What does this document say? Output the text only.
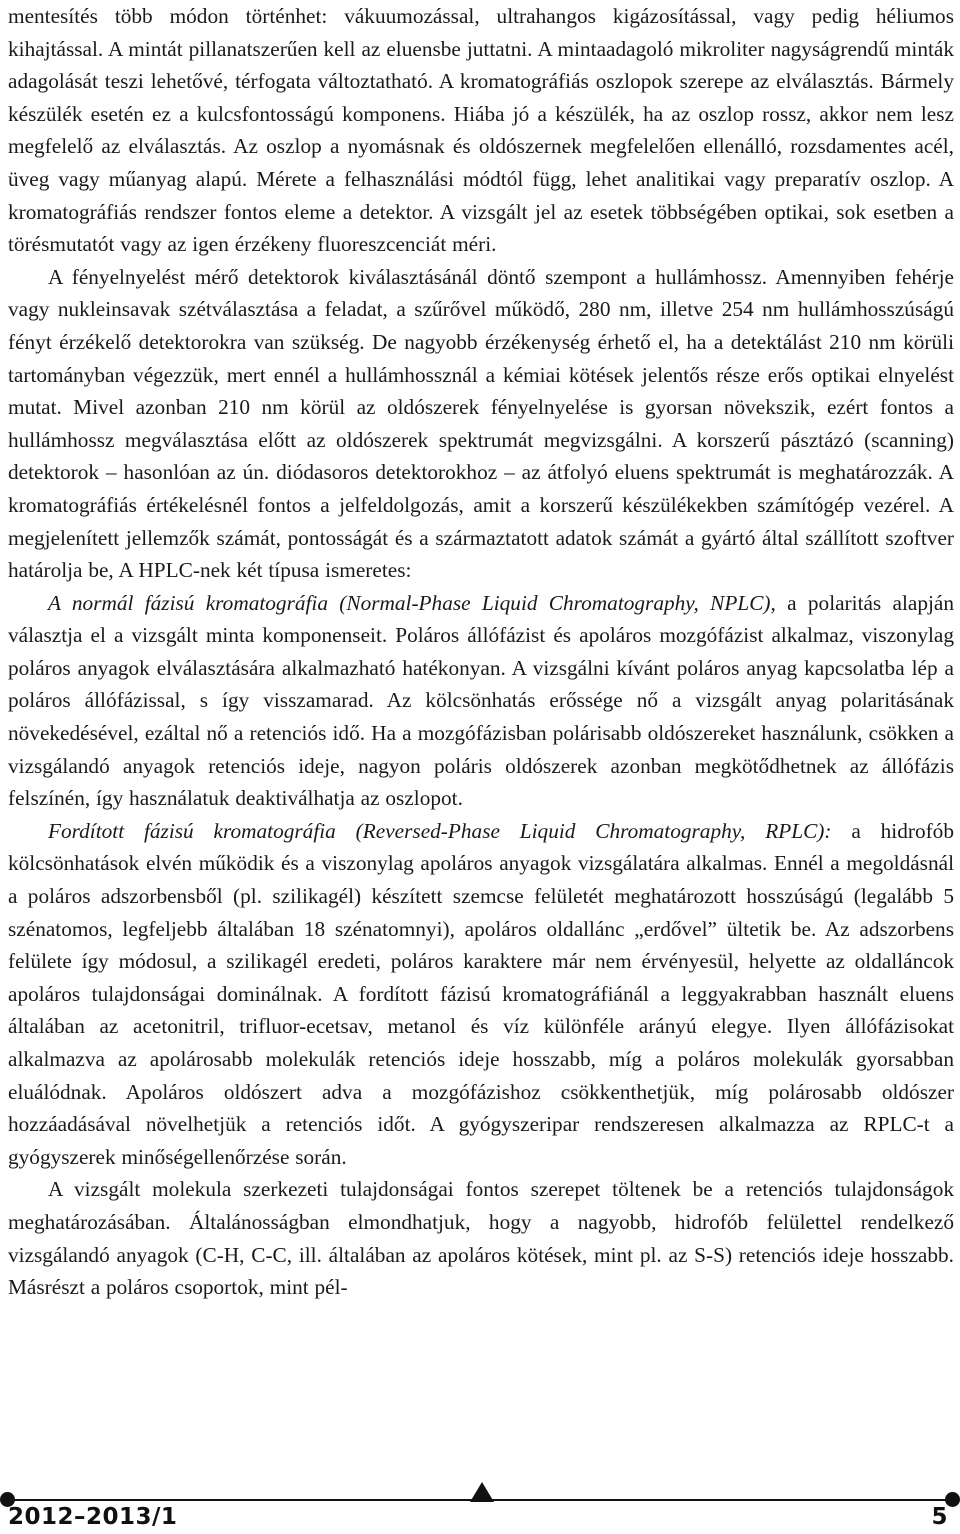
mentesítés több módon történhet: vákuumozással, ultrahangos kigázosítással, vagy pedig héliumos kihajtással. A mintát pillanatszerűen kell az eluensbe juttatni. A mintaadagoló mikroliter nagyságrendű minták adagolását teszi lehetővé, térfogata változtatható. A kromatográfiás oszlopok szerepe az elválasztás. Bármely készülék esetén ez a kulcsfontosságú komponens. Hiába jó a készülék, ha az oszlop rossz, akkor nem lesz megfelelő az elválasztás. Az oszlop a nyomásnak és oldószernek megfelelően ellenálló, rozsdamentes acél, üveg vagy műanyag alapú. Mérete a felhasználási módtól függ, lehet analitikai vagy preparatív oszlop. A kromatográfiás rendszer fontos eleme a detektor. A vizsgált jel az esetek többségében optikai, sok esetben a törésmutatót vagy az igen érzékeny fluoreszcenciát méri.

A fényelnyelést mérő detektorok kiválasztásánál döntő szempont a hullámhossz. Amennyiben fehérje vagy nukleinsavak szétválasztása a feladat, a szűrővel működő, 280 nm, illetve 254 nm hullámhosszúságú fényt érzékelő detektorokra van szükség. De nagyobb érzékenység érhető el, ha a detektálást 210 nm körüli tartományban végezzük, mert ennél a hullámhossznál a kémiai kötések jelentős része erős optikai elnyelést mutat. Mivel azonban 210 nm körül az oldószerek fényelnyelése is gyorsan növekszik, ezért fontos a hullámhossz megválasztása előtt az oldószerek spektrumát megvizsgálni. A korszerű pásztázó (scanning) detektorok – hasonlóan az ún. diódasoros detektorokhoz – az átfolyó eluens spektrumát is meghatározzák. A kromatográfiás értékelésnél fontos a jelfeldolgozás, amit a korszerű készülékekben számítógép vezérel. A megjelenített jellemzők számát, pontosságát és a származtatott adatok számát a gyártó által szállított szoftver határolja be, A HPLC-nek két típusa ismeretes:

A normál fázisú kromatográfia (Normal-Phase Liquid Chromatography, NPLC), a polaritás alapján választja el a vizsgált minta komponenseit. Poláros állófázist és apoláros mozgófázist alkalmaz, viszonylag poláros anyagok elválasztására alkalmazható hatékonyan. A vizsgálni kívánt poláros anyag kapcsolatba lép a poláros állófázissal, s így visszamarad. Az kölcsönhatás erőssége nő a vizsgált anyag polaritásának növekedésével, ezáltal nő a retenciós idő. Ha a mozgófázisban polárisabb oldószereket használunk, csökken a vizsgálandó anyagok retenciós ideje, nagyon poláris oldószerek azonban megkötődhetnek az állófázis felszínén, így használatuk deaktiválhatja az oszlopot.

Fordított fázisú kromatográfia (Reversed-Phase Liquid Chromatography, RPLC): a hidrofób kölcsönhatások elvén működik és a viszonylag apoláros anyagok vizsgálatára alkalmas. Ennél a megoldásnál a poláros adszorbensből (pl. szilikagél) készített szemcse felületét meghatározott hosszúságú (legalább 5 szénatomos, legfeljebb általában 18 szénatomnyi), apoláros oldallánc „erdővel” ültetik be. Az adszorbens felülete így módosul, a szilikagél eredeti, poláros karaktere már nem érvényesül, helyette az oldalláncok apoláros tulajdonságai dominálnak. A fordított fázisú kromatográfiánál a leggyakrabban használt eluens általában az acetonitril, trifluor-ecetsav, metanol és víz különféle arányú elegye. Ilyen állófázisokat alkalmazva az apolárosabb molekulák retenciós ideje hosszabb, míg a poláros molekulák gyorsabban eluálódnak. Apoláros oldószert adva a mozgófázishoz csökkenthetjük, míg polárosabb oldószer hozzáadásával növelhetjük a retenciós időt. A gyógyszeripar rendszeresen alkalmazza az RPLC-t a gyógyszerek minőségellenőrzése során.

A vizsgált molekula szerkezeti tulajdonságai fontos szerepet töltenek be a retenciós tulajdonságok meghatározásában. Általánosságban elmondhatjuk, hogy a nagyobb, hidrofób felülettel rendelkező vizsgálandó anyagok (C-H, C-C, ill. általában az apoláros kötések, mint pl. az S-S) retenciós ideje hosszabb. Másrészt a poláros csoportok, mint pél-

2012–2013/1	5
